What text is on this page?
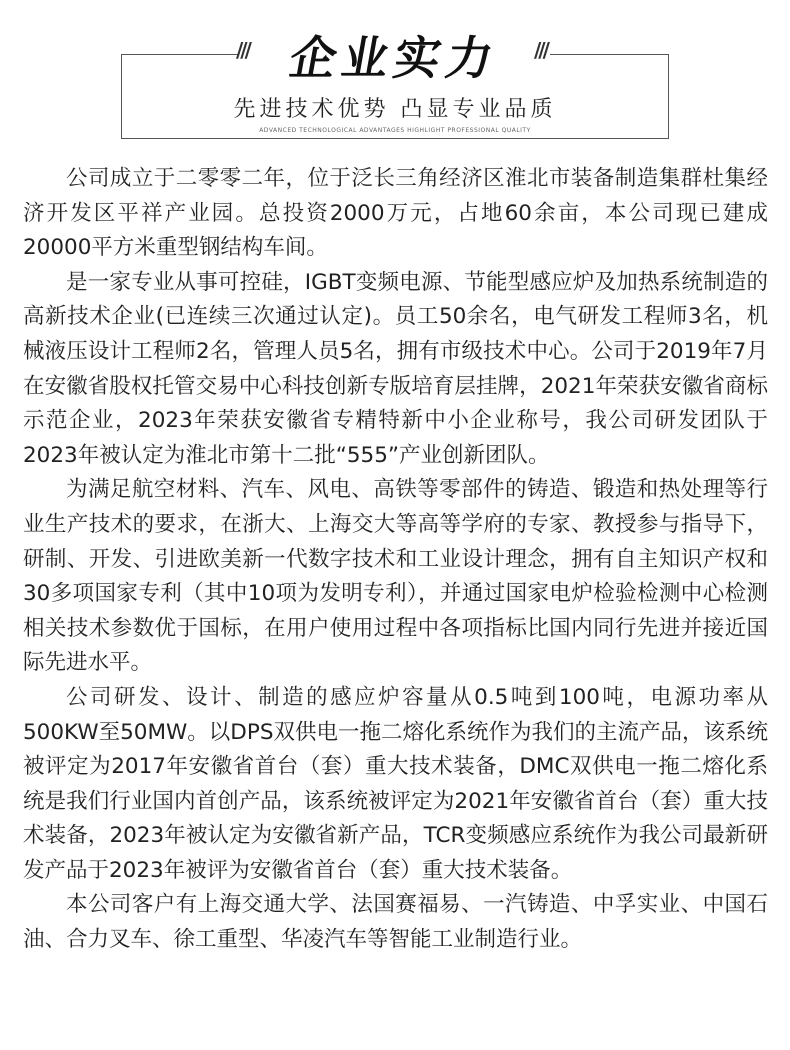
///	///
企业实力
先进技术优势 凸显专业品质
ADVANCED TECHNOLOGICAL ADVANTAGES HIGHLIGHT PROFESSIONAL QUALITY

公司成立于二零零二年，位于泛长三角经济区淮北市装备制造集群杜集经济开发区平祥产业园。总投资2000万元，占地60余亩，本公司现已建成20000平方米重型钢结构车间。

是一家专业从事可控硅，IGBT变频电源、节能型感应炉及加热系统制造的高新技术企业(已连续三次通过认定)。员工50余名，电气研发工程师3名，机械液压设计工程师2名，管理人员5名，拥有市级技术中心。公司于2019年7月在安徽省股权托管交易中心科技创新专版培育层挂牌，2021年荣获安徽省商标示范企业，2023年荣获安徽省专精特新中小企业称号，我公司研发团队于2023年被认定为淮北市第十二批“555”产业创新团队。

为满足航空材料、汽车、风电、高铁等零部件的铸造、锻造和热处理等行业生产技术的要求，在浙大、上海交大等高等学府的专家、教授参与指导下，研制、开发、引进欧美新一代数字技术和工业设计理念，拥有自主知识产权和30多项国家专利（其中10项为发明专利），并通过国家电炉检验检测中心检测相关技术参数优于国标，在用户使用过程中各项指标比国内同行先进并接近国际先进水平。

公司研发、设计、制造的感应炉容量从0.5吨到100吨，电源功率从500KW至50MW。以DPS双供电一拖二熔化系统作为我们的主流产品，该系统被评定为2017年安徽省首台（套）重大技术装备，DMC双供电一拖二熔化系统是我们行业国内首创产品，该系统被评定为2021年安徽省首台（套）重大技术装备，2023年被认定为安徽省新产品，TCR变频感应系统作为我公司最新研发产品于2023年被评为安徽省首台（套）重大技术装备。

本公司客户有上海交通大学、法国赛福易、一汽铸造、中孚实业、中国石油、合力叉车、徐工重型、华凌汽车等智能工业制造行业。
